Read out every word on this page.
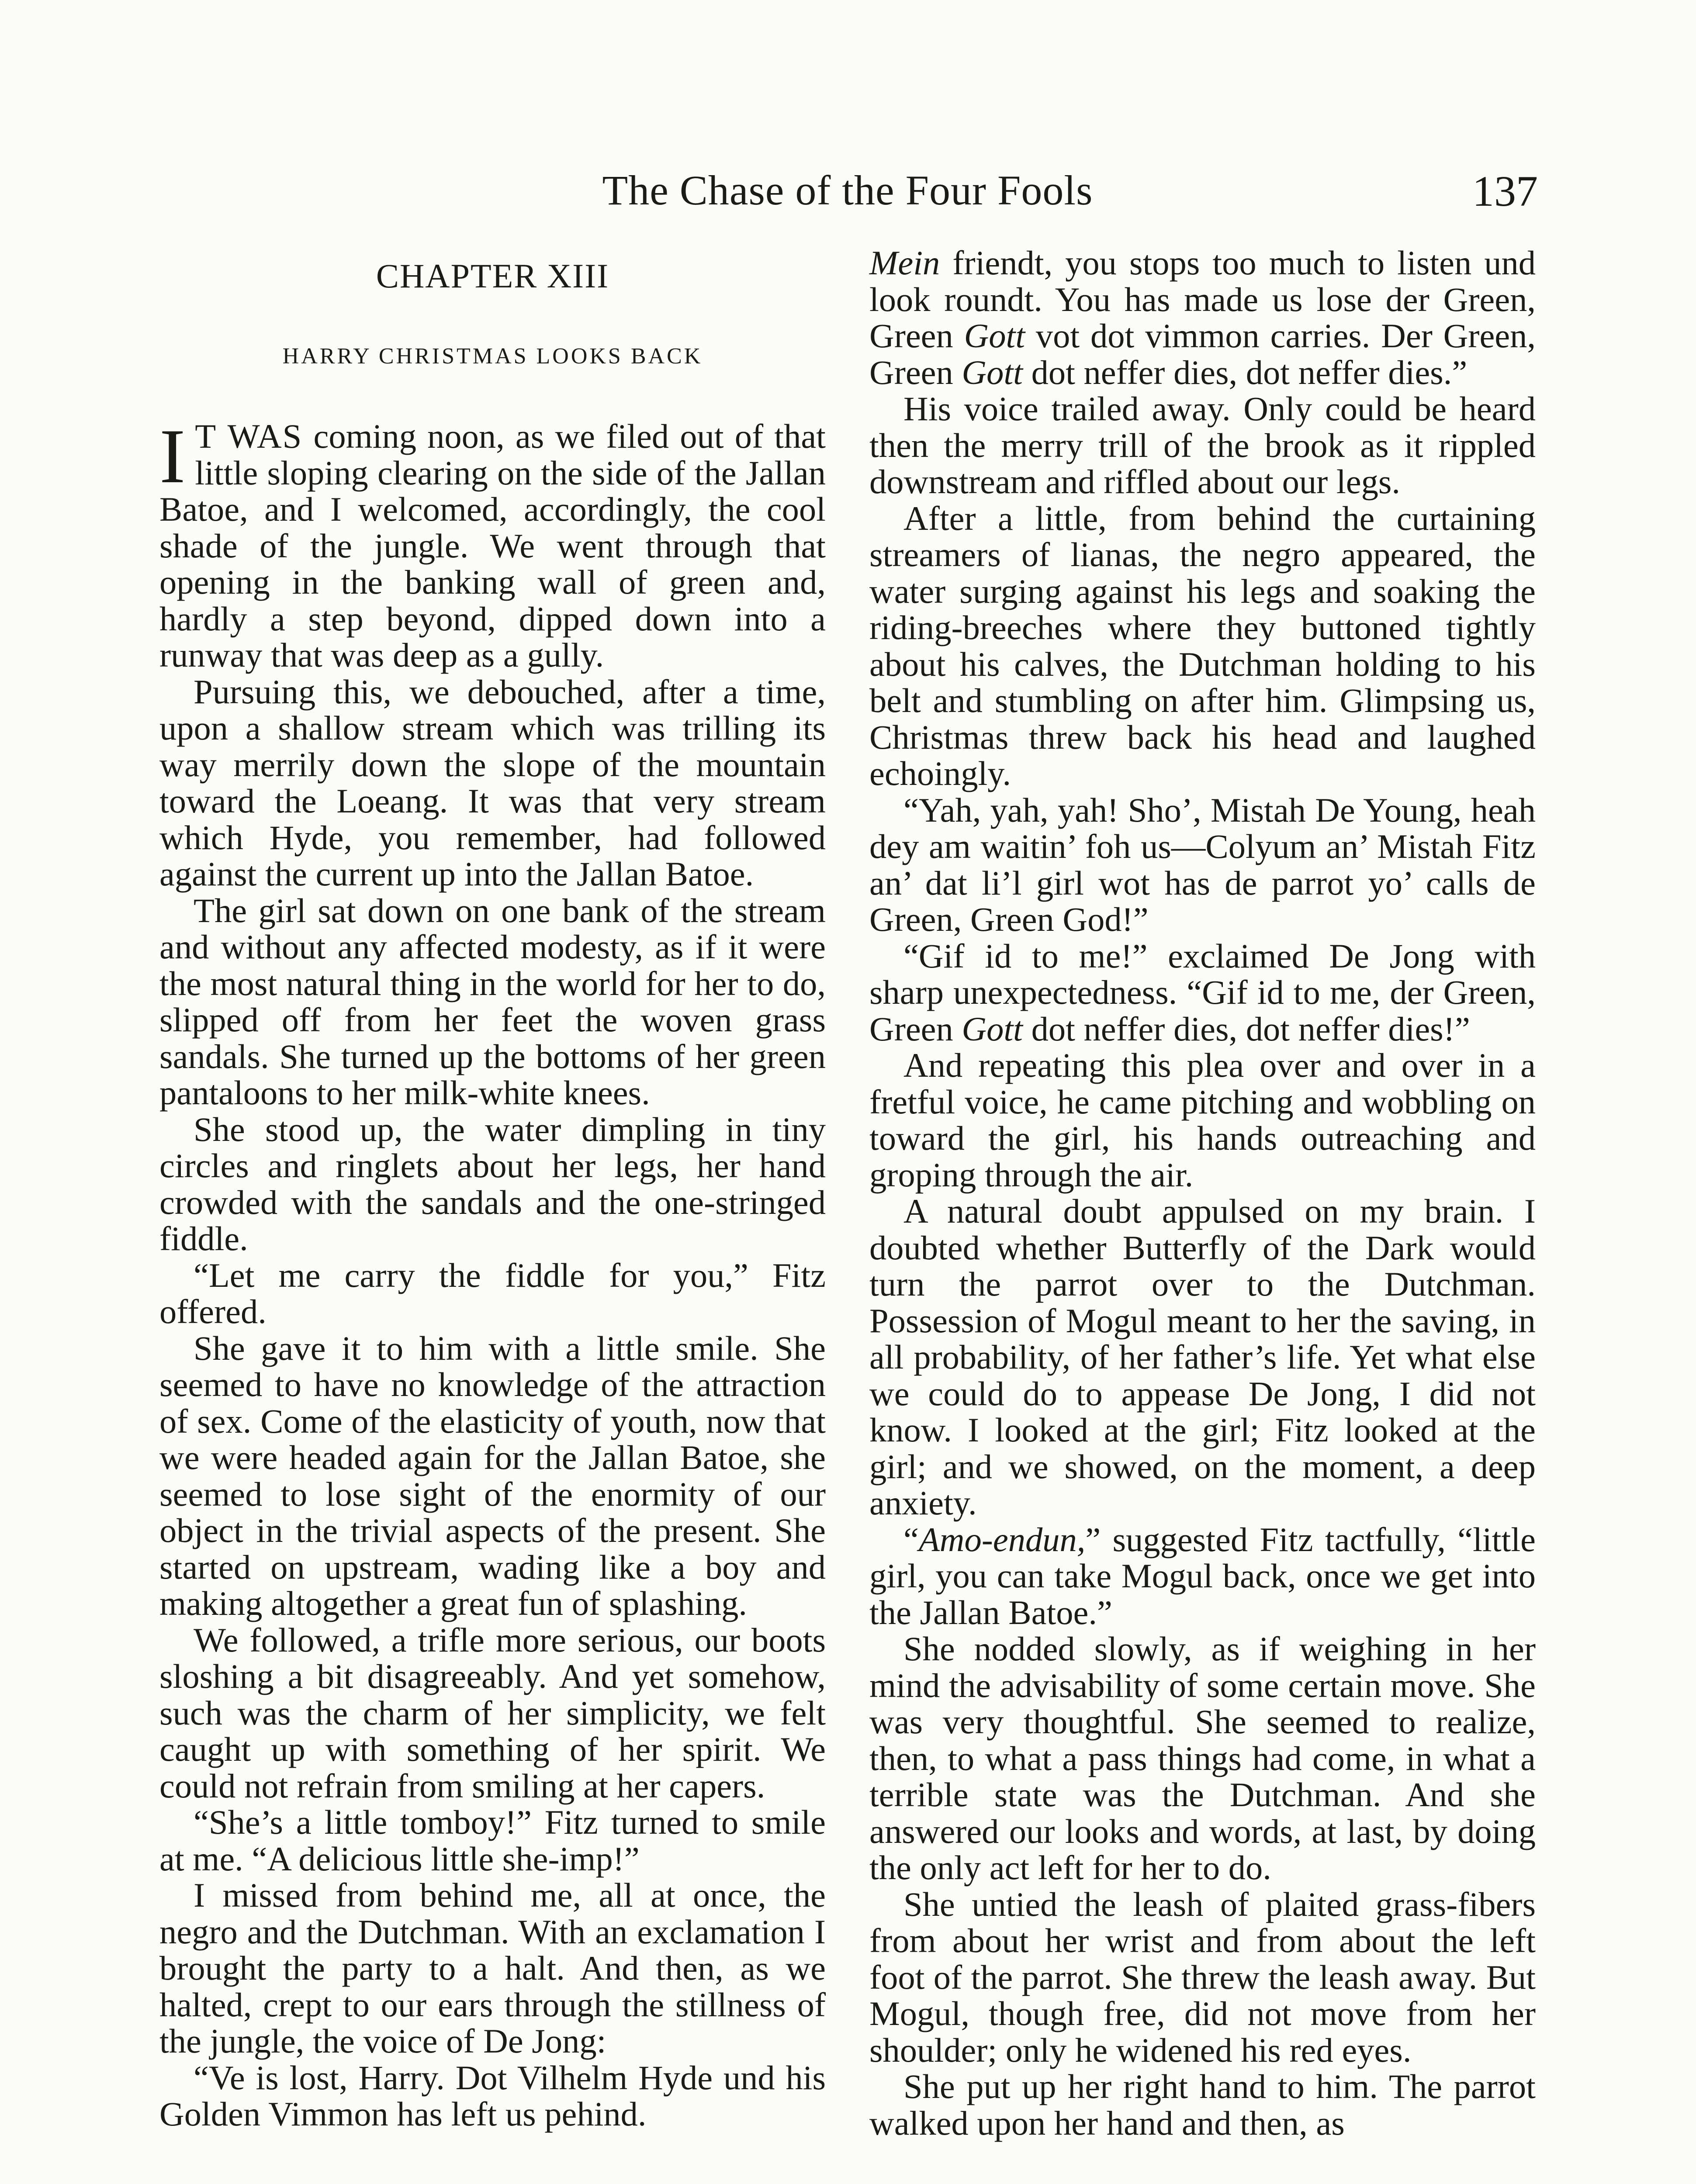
The Chase of the Four Fools	137
CHAPTER XIII
HARRY CHRISTMAS LOOKS BACK

I T WAS coming noon, as we filed out of that little sloping clearing on the side of the Jallan Batoe, and I welcomed, accordingly, the cool shade of the jungle. We went through that opening in the banking wall of green and, hardly a step beyond, dipped down into a runway that was deep as a gully.

Pursuing this, we debouched, after a time, upon a shallow stream which was trilling its way merrily down the slope of the mountain toward the Loeang. It was that very stream which Hyde, you remember, had followed against the current up into the Jallan Batoe.

The girl sat down on one bank of the stream and without any affected modesty, as if it were the most natural thing in the world for her to do, slipped off from her feet the woven grass sandals. She turned up the bottoms of her green pantaloons to her milk-white knees.

She stood up, the water dimpling in tiny circles and ringlets about her legs, her hand crowded with the sandals and the one-stringed fiddle.

“Let me carry the fiddle for you,” Fitz offered.

She gave it to him with a little smile. She seemed to have no knowledge of the attraction of sex. Come of the elasticity of youth, now that we were headed again for the Jallan Batoe, she seemed to lose sight of the enormity of our object in the trivial aspects of the present. She started on upstream, wading like a boy and making altogether a great fun of splashing.

We followed, a trifle more serious, our boots sloshing a bit disagreeably. And yet somehow, such was the charm of her simplicity, we felt caught up with something of her spirit. We could not refrain from smiling at her capers.

“She’s a little tomboy!” Fitz turned to smile at me. “A delicious little she-imp!”

I missed from behind me, all at once, the negro and the Dutchman. With an exclamation I brought the party to a halt. And then, as we halted, crept to our ears through the stillness of the jungle, the voice of De Jong:

“Ve is lost, Harry. Dot Vilhelm Hyde und his Golden Vimmon has left us pehind.

Mein friendt, you stops too much to listen und look roundt. You has made us lose der Green, Green Gott vot dot vimmon carries. Der Green, Green Gott dot neffer dies, dot neffer dies.”

His voice trailed away. Only could be heard then the merry trill of the brook as it rippled downstream and riffled about our legs.

After a little, from behind the curtaining streamers of lianas, the negro appeared, the water surging against his legs and soaking the riding-breeches where they buttoned tightly about his calves, the Dutchman holding to his belt and stumbling on after him. Glimpsing us, Christmas threw back his head and laughed echoingly.

“Yah, yah, yah! Sho’, Mistah De Young, heah dey am waitin’ foh us—Colyum an’ Mistah Fitz an’ dat li’l girl wot has de parrot yo’ calls de Green, Green God!”

“Gif id to me!” exclaimed De Jong with sharp unexpectedness. “Gif id to me, der Green, Green Gott dot neffer dies, dot neffer dies!”

And repeating this plea over and over in a fretful voice, he came pitching and wobbling on toward the girl, his hands outreaching and groping through the air.

A natural doubt appulsed on my brain. I doubted whether Butterfly of the Dark would turn the parrot over to the Dutchman. Possession of Mogul meant to her the saving, in all probability, of her father’s life. Yet what else we could do to appease De Jong, I did not know. I looked at the girl; Fitz looked at the girl; and we showed, on the moment, a deep anxiety.

“Amo-endun,” suggested Fitz tactfully, “little girl, you can take Mogul back, once we get into the Jallan Batoe.”

She nodded slowly, as if weighing in her mind the advisability of some certain move. She was very thoughtful. She seemed to realize, then, to what a pass things had come, in what a terrible state was the Dutchman. And she answered our looks and words, at last, by doing the only act left for her to do.

She untied the leash of plaited grass-fibers from about her wrist and from about the left foot of the parrot. She threw the leash away. But Mogul, though free, did not move from her shoulder; only he widened his red eyes.

She put up her right hand to him. The parrot walked upon her hand and then, as
